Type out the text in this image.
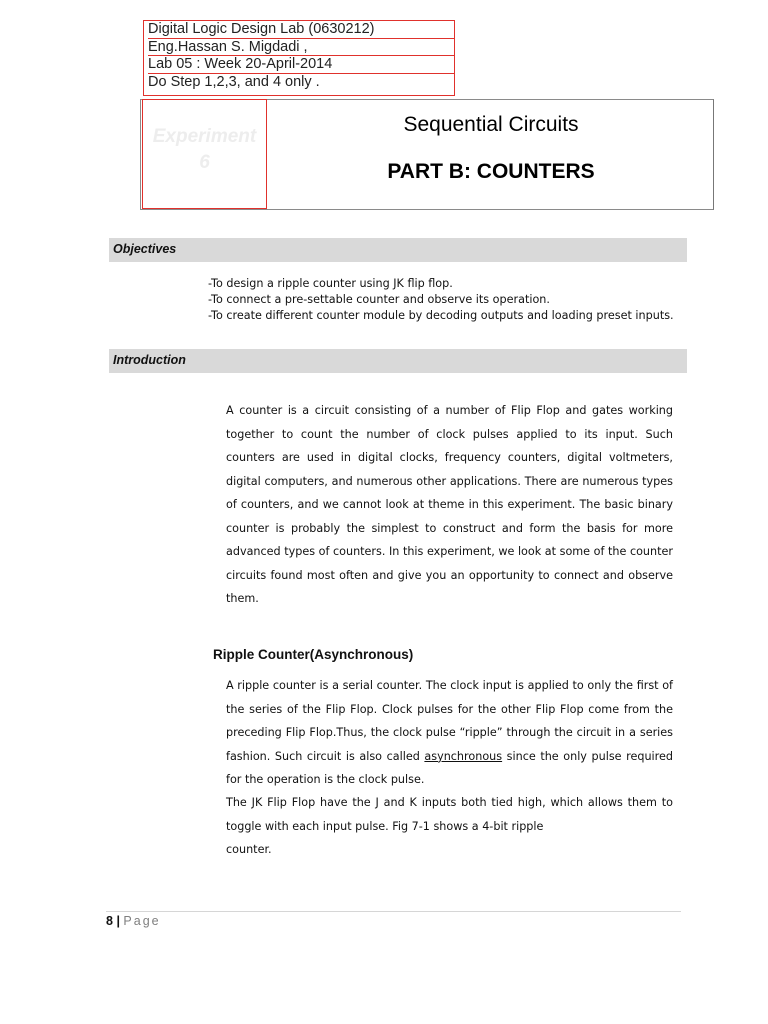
Digital Logic Design Lab (0630212)
Eng.Hassan S. Migdadi ,
Lab 05 : Week 20-April-2014
Do Step 1,2,3, and 4 only .
Experiment
6
Sequential Circuits
PART B: COUNTERS
Objectives
-To design a ripple counter using JK flip flop.
-To connect a pre-settable counter and observe its operation.
-To create different counter module by decoding outputs and loading preset inputs.
Introduction
A counter is a circuit consisting of a number of Flip Flop and gates working together to count the number of clock pulses applied to its input. Such counters are used in digital clocks, frequency counters, digital voltmeters, digital computers, and numerous other applications. There are numerous types of counters, and we cannot look at theme in this experiment. The basic binary counter is probably the simplest to construct and form the basis for more advanced types of counters. In this experiment, we look at some of the counter circuits found most often and give you an opportunity to connect and observe them.
Ripple Counter(Asynchronous)
A ripple counter is a serial counter. The clock input is applied to only the first of the series of the Flip Flop. Clock pulses for the other Flip Flop come from the preceding Flip Flop.Thus, the clock pulse “ripple” through the circuit in a series fashion. Such circuit is also called asynchronous since the only pulse required for the operation is the clock pulse.
The JK Flip Flop have the J and K inputs both tied high, which allows them to toggle with each input pulse. Fig 7-1 shows a 4-bit ripple
counter.
8 | Page
